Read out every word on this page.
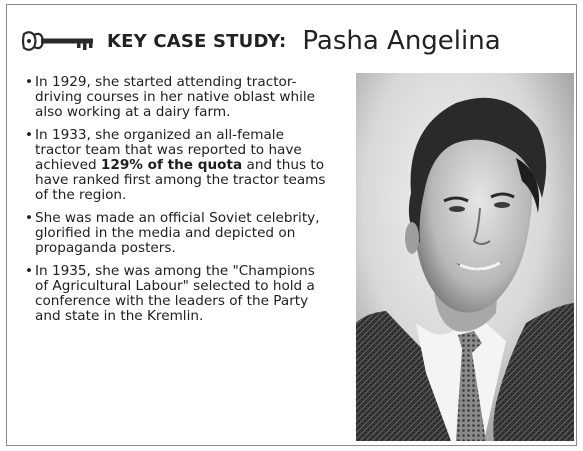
KEY CASE STUDY: Pasha Angelina
• In 1929, she started attending tractor-driving courses in her native oblast while also working at a dairy farm.
• In 1933, she organized an all-female tractor team that was reported to have achieved 129% of the quota and thus to have ranked first among the tractor teams of the region.
• She was made an official Soviet celebrity, glorified in the media and depicted on propaganda posters.
• In 1935, she was among the "Champions of Agricultural Labour" selected to hold a conference with the leaders of the Party and state in the Kremlin.
